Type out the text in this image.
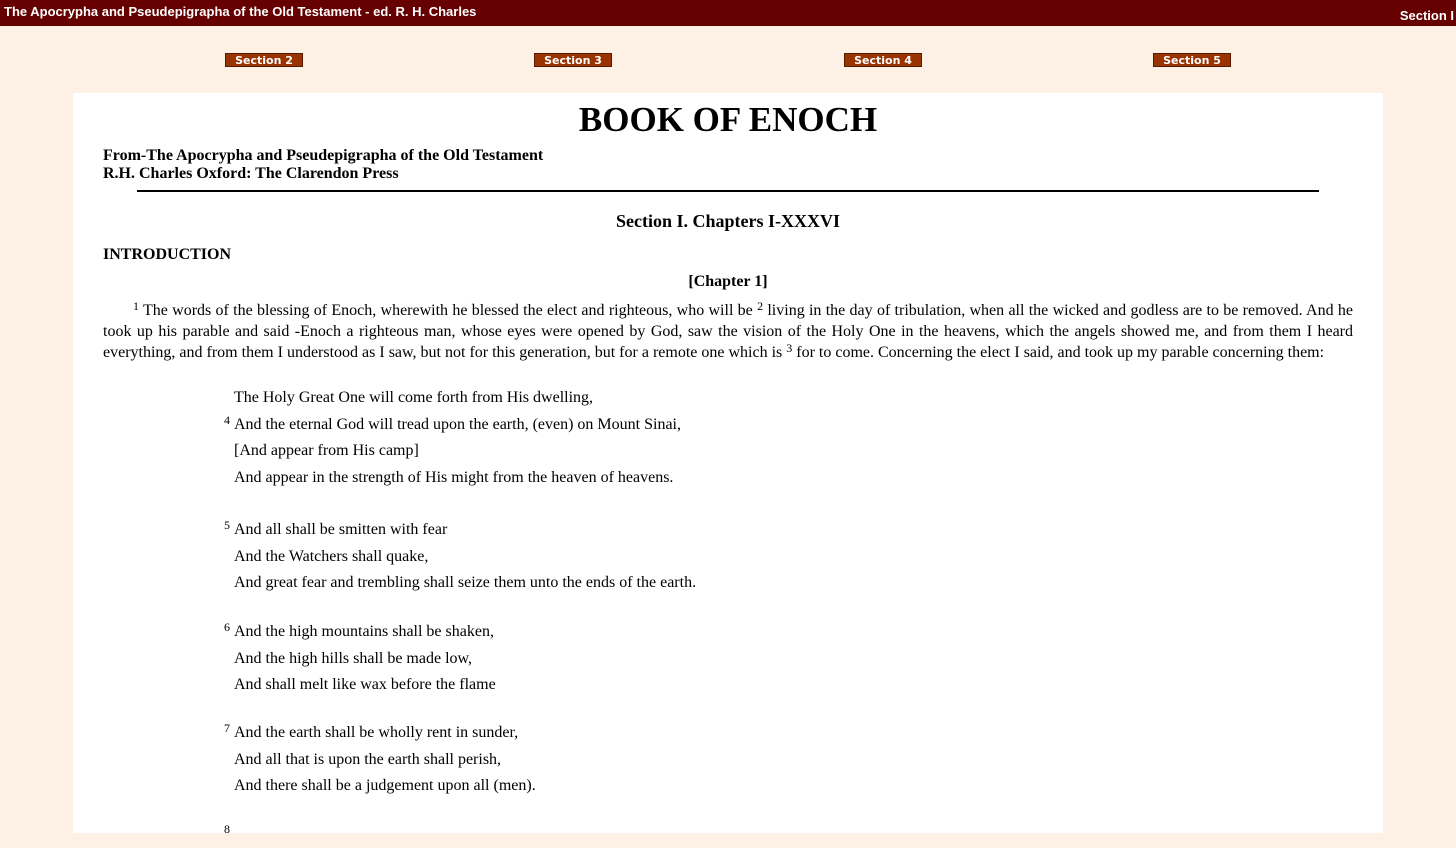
The Apocrypha and Pseudepigrapha of the Old Testament - ed. R. H. Charles	Section I
Section 2	Section 3	Section 4	Section 5
BOOK OF ENOCH
From-The Apocrypha and Pseudepigrapha of the Old Testament
R.H. Charles Oxford: The Clarendon Press
Section I. Chapters I-XXXVI
INTRODUCTION
[Chapter 1]

$^1$ The words of the blessing of Enoch, wherewith he blessed the elect and righteous, who will be $^2$ living in the day of tribulation, when all the wicked and godless are to be removed. And he took up his parable and said -Enoch a righteous man, whose eyes were opened by God, saw the vision of the Holy One in the heavens, which the angels showed me, and from them I heard everything, and from them I understood as I saw, but not for this generation, but for a remote one which is $^3$ for to come. Concerning the elect I said, and took up my parable concerning them:

The Holy Great One will come forth from His dwelling,
4 And the eternal God will tread upon the earth, (even) on Mount Sinai,
[And appear from His camp]
And appear in the strength of His might from the heaven of heavens.
5 And all shall be smitten with fear
And the Watchers shall quake,
And great fear and trembling shall seize them unto the ends of the earth.
6 And the high mountains shall be shaken,
And the high hills shall be made low,
And shall melt like wax before the flame
7 And the earth shall be wholly rent in sunder,
And all that is upon the earth shall perish,
And there shall be a judgement upon all (men).
8
